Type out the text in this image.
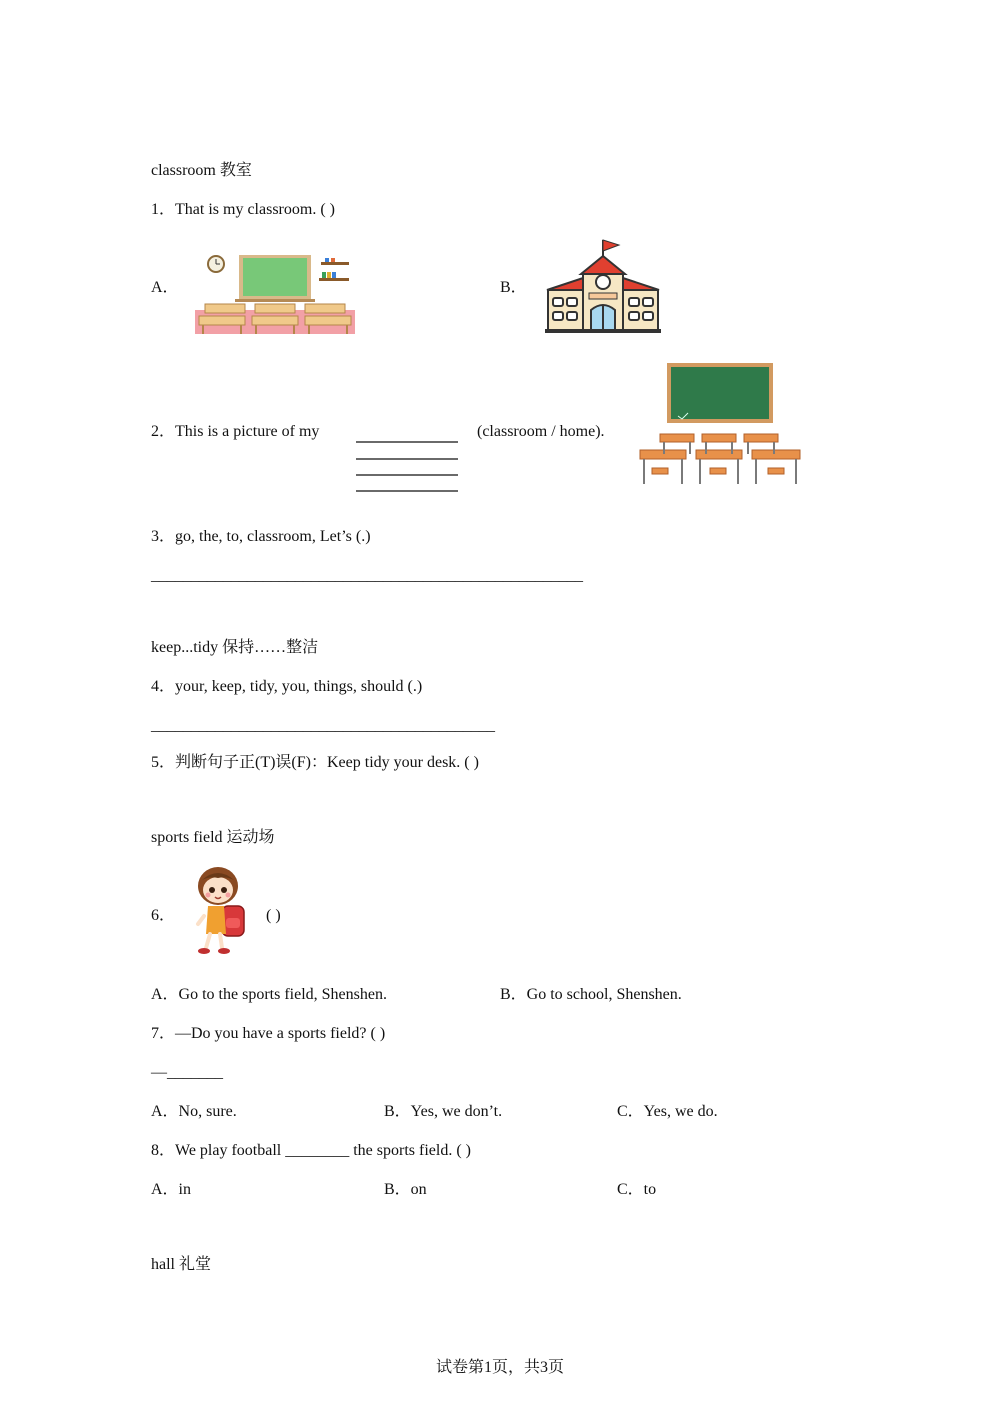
classroom 教室
1．That is my classroom. ( )
A．	B．
2．This is a picture of my	(classroom / home).
3．go, the, to, classroom, Let’s (.)
______________________________________________________
keep...tidy 保持……整洁
4．your, keep, tidy, you, things, should (.)
___________________________________________
5．判断句子正(T)误(F)：Keep tidy your desk. ( )
sports field 运动场
6．	( )
A．Go to the sports field, Shenshen.	B．Go to school, Shenshen.
7．—Do you have a sports field? ( )
—_______
A．No, sure.	B．Yes, we don’t.	C．Yes, we do.
8．We play football ________ the sports field. ( )
A．in	B．on	C．to
hall 礼堂
试卷第1页，共3页
